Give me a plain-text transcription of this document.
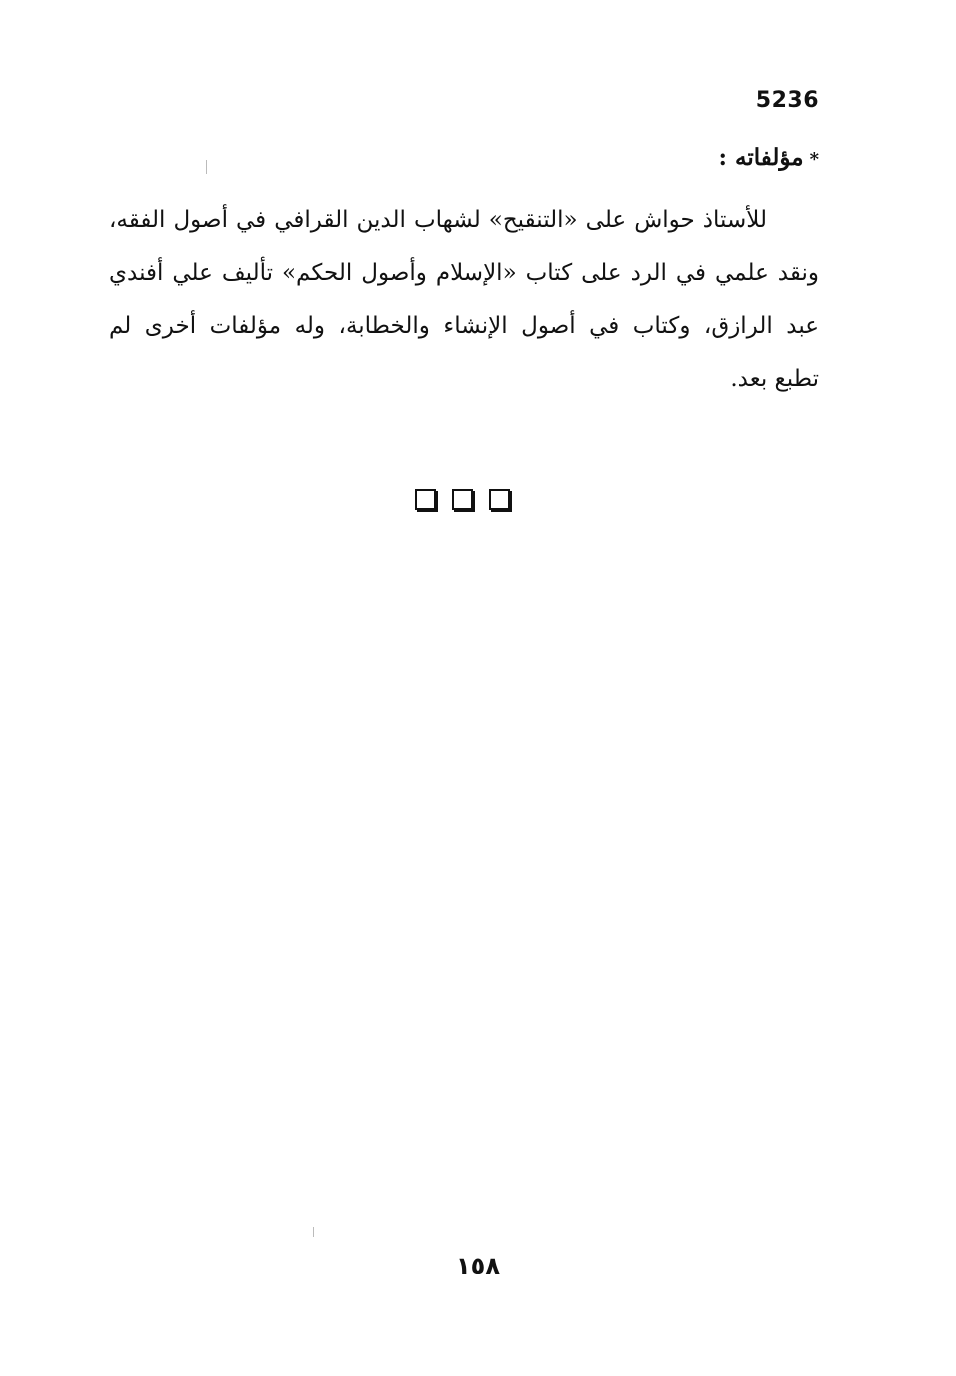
5236
*مؤلفاته :
للأستاذ حواش على «التنقيح» لشهاب الدين القرافي في أصول الفقه،
ونقد علمي في الرد على كتاب «الإسلام وأصول الحكم» تأليف علي أفندي
عبد الرازق، وكتاب في أصول الإنشاء والخطابة، وله مؤلفات أخرى لم
تطبع بعد.
١٥٨
